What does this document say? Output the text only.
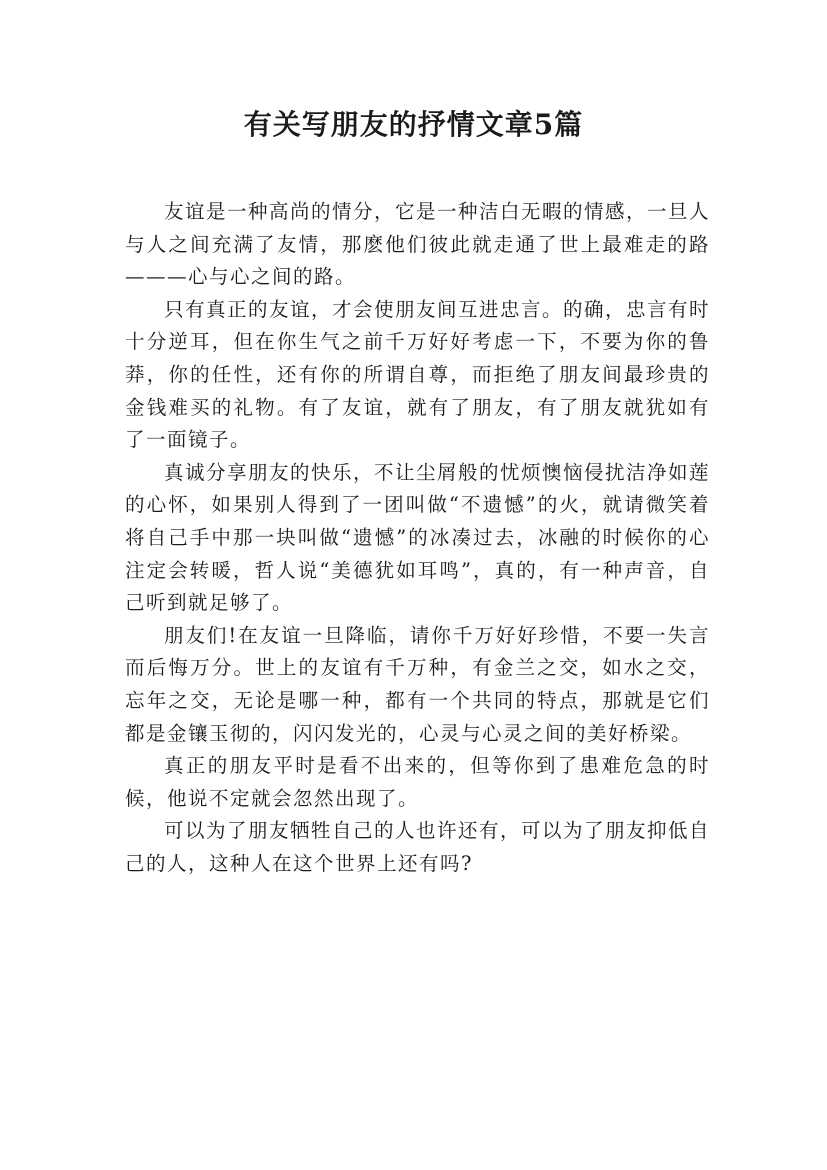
有关写朋友的抒情文章5篇

友谊是一种高尚的情分，它是一种洁白无暇的情感，一旦人与人之间充满了友情，那麽他们彼此就走通了世上最难走的路———心与心之间的路。

只有真正的友谊，才会使朋友间互进忠言。的确，忠言有时十分逆耳，但在你生气之前千万好好考虑一下，不要为你的鲁莽，你的任性，还有你的所谓自尊，而拒绝了朋友间最珍贵的金钱难买的礼物。有了友谊，就有了朋友，有了朋友就犹如有了一面镜子。

真诚分享朋友的快乐，不让尘屑般的忧烦懊恼侵扰洁净如莲的心怀，如果别人得到了一团叫做“不遗憾”的火，就请微笑着将自己手中那一块叫做“遗憾”的冰凑过去，冰融的时候你的心注定会转暖，哲人说“美德犹如耳鸣”，真的，有一种声音，自己听到就足够了。

朋友们!在友谊一旦降临，请你千万好好珍惜，不要一失言而后悔万分。世上的友谊有千万种，有金兰之交，如水之交，忘年之交，无论是哪一种，都有一个共同的特点，那就是它们都是金镶玉彻的，闪闪发光的，心灵与心灵之间的美好桥梁。

真正的朋友平时是看不出来的，但等你到了患难危急的时候，他说不定就会忽然出现了。

可以为了朋友牺牲自己的人也许还有，可以为了朋友抑低自己的人，这种人在这个世界上还有吗?
